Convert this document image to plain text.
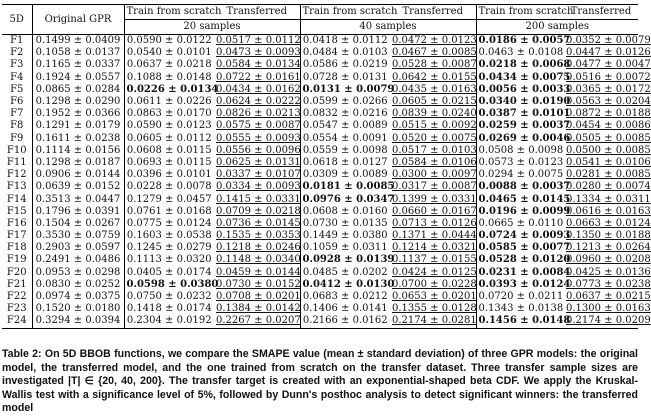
5D	Original GPR	Train from scratch	Transferred	Train from scratch	Transferred	Train from scratch	Transferred
		20 samples		40 samples		200 samples	
F1	0.1499 ± 0.0409	0.0590 ± 0.0122	0.0517 ± 0.0112	0.0418 ± 0.0112	0.0472 ± 0.0123	0.0186 ± 0.0057	0.0352 ± 0.0079
F2	0.1058 ± 0.0137	0.0540 ± 0.0101	0.0473 ± 0.0093	0.0484 ± 0.0103	0.0467 ± 0.0085	0.0463 ± 0.0108	0.0447 ± 0.0126
F3	0.1165 ± 0.0337	0.0637 ± 0.0218	0.0584 ± 0.0134	0.0586 ± 0.0219	0.0528 ± 0.0087	0.0218 ± 0.0068	0.0477 ± 0.0047
F4	0.1924 ± 0.0557	0.1088 ± 0.0148	0.0722 ± 0.0161	0.0728 ± 0.0131	0.0642 ± 0.0155	0.0434 ± 0.0075	0.0516 ± 0.0072
F5	0.0865 ± 0.0284	0.0226 ± 0.0134	0.0434 ± 0.0162	0.0131 ± 0.0079	0.0435 ± 0.0163	0.0056 ± 0.0033	0.0365 ± 0.0172
F6	0.1298 ± 0.0290	0.0611 ± 0.0226	0.0624 ± 0.0222	0.0599 ± 0.0266	0.0605 ± 0.0215	0.0340 ± 0.0190	0.0563 ± 0.0204
F7	0.1952 ± 0.0366	0.0863 ± 0.0170	0.0826 ± 0.0213	0.0832 ± 0.0216	0.0839 ± 0.0240	0.0387 ± 0.0101	0.0872 ± 0.0188
F8	0.1291 ± 0.0179	0.0590 ± 0.0123	0.0575 ± 0.0087	0.0547 ± 0.0089	0.0515 ± 0.0092	0.0259 ± 0.0037	0.0454 ± 0.0086
F9	0.1611 ± 0.0238	0.0605 ± 0.0112	0.0555 ± 0.0093	0.0554 ± 0.0091	0.0520 ± 0.0075	0.0269 ± 0.0046	0.0505 ± 0.0085
F10	0.1114 ± 0.0156	0.0608 ± 0.0115	0.0556 ± 0.0096	0.0559 ± 0.0098	0.0517 ± 0.0103	0.0508 ± 0.0098	0.0500 ± 0.0085
F11	0.1298 ± 0.0187	0.0693 ± 0.0115	0.0625 ± 0.0131	0.0618 ± 0.0127	0.0584 ± 0.0106	0.0573 ± 0.0123	0.0541 ± 0.0106
F12	0.0906 ± 0.0144	0.0396 ± 0.0101	0.0337 ± 0.0107	0.0309 ± 0.0089	0.0300 ± 0.0097	0.0294 ± 0.0075	0.0281 ± 0.0085
F13	0.0639 ± 0.0152	0.0228 ± 0.0078	0.0334 ± 0.0093	0.0181 ± 0.0085	0.0317 ± 0.0087	0.0088 ± 0.0037	0.0280 ± 0.0074
F14	0.3513 ± 0.0447	0.1279 ± 0.0457	0.1415 ± 0.0331	0.0976 ± 0.0347	0.1399 ± 0.0331	0.0465 ± 0.0145	0.1334 ± 0.0311
F15	0.1796 ± 0.0391	0.0761 ± 0.0168	0.0709 ± 0.0218	0.0608 ± 0.0160	0.0660 ± 0.0167	0.0196 ± 0.0099	0.0616 ± 0.0163
F16	0.1504 ± 0.0267	0.0775 ± 0.0124	0.0736 ± 0.0145	0.0730 ± 0.0135	0.0713 ± 0.0126	0.0665 ± 0.0110	0.0663 ± 0.0124
F17	0.3530 ± 0.0759	0.1603 ± 0.0538	0.1535 ± 0.0353	0.1449 ± 0.0380	0.1371 ± 0.0444	0.0724 ± 0.0093	0.1350 ± 0.0188
F18	0.2903 ± 0.0597	0.1245 ± 0.0279	0.1218 ± 0.0246	0.1059 ± 0.0311	0.1214 ± 0.0321	0.0585 ± 0.0077	0.1213 ± 0.0264
F19	0.2491 ± 0.0486	0.1113 ± 0.0320	0.1148 ± 0.0340	0.0928 ± 0.0139	0.1137 ± 0.0155	0.0528 ± 0.0120	0.0960 ± 0.0208
F20	0.0953 ± 0.0298	0.0405 ± 0.0174	0.0459 ± 0.0144	0.0485 ± 0.0202	0.0424 ± 0.0125	0.0231 ± 0.0084	0.0425 ± 0.0136
F21	0.0830 ± 0.0252	0.0598 ± 0.0380	0.0730 ± 0.0152	0.0412 ± 0.0130	0.0700 ± 0.0228	0.0393 ± 0.0124	0.0773 ± 0.0238
F22	0.0974 ± 0.0375	0.0750 ± 0.0232	0.0708 ± 0.0201	0.0683 ± 0.0212	0.0653 ± 0.0201	0.0720 ± 0.0211	0.0637 ± 0.0215
F23	0.1520 ± 0.0180	0.1418 ± 0.0174	0.1384 ± 0.0142	0.1406 ± 0.0141	0.1355 ± 0.0128	0.1343 ± 0.0138	0.1300 ± 0.0163
F24	0.3294 ± 0.0394	0.2304 ± 0.0192	0.2267 ± 0.0207	0.2166 ± 0.0162	0.2174 ± 0.0281	0.1456 ± 0.0148	0.2174 ± 0.0209
Table 2: On 5D BBOB functions, we compare the SMAPE value (mean ± standard deviation) of three GPR models: the original model, the transferred model, and the one trained from scratch on the transfer dataset. Three transfer sample sizes are investigated |T| ∈ {20, 40, 200}. The transfer target is created with an exponential-shaped beta CDF. We apply the Kruskal-Wallis test with a significance level of 5%, followed by Dunn's posthoc analysis to detect significant winners: the transferred model
